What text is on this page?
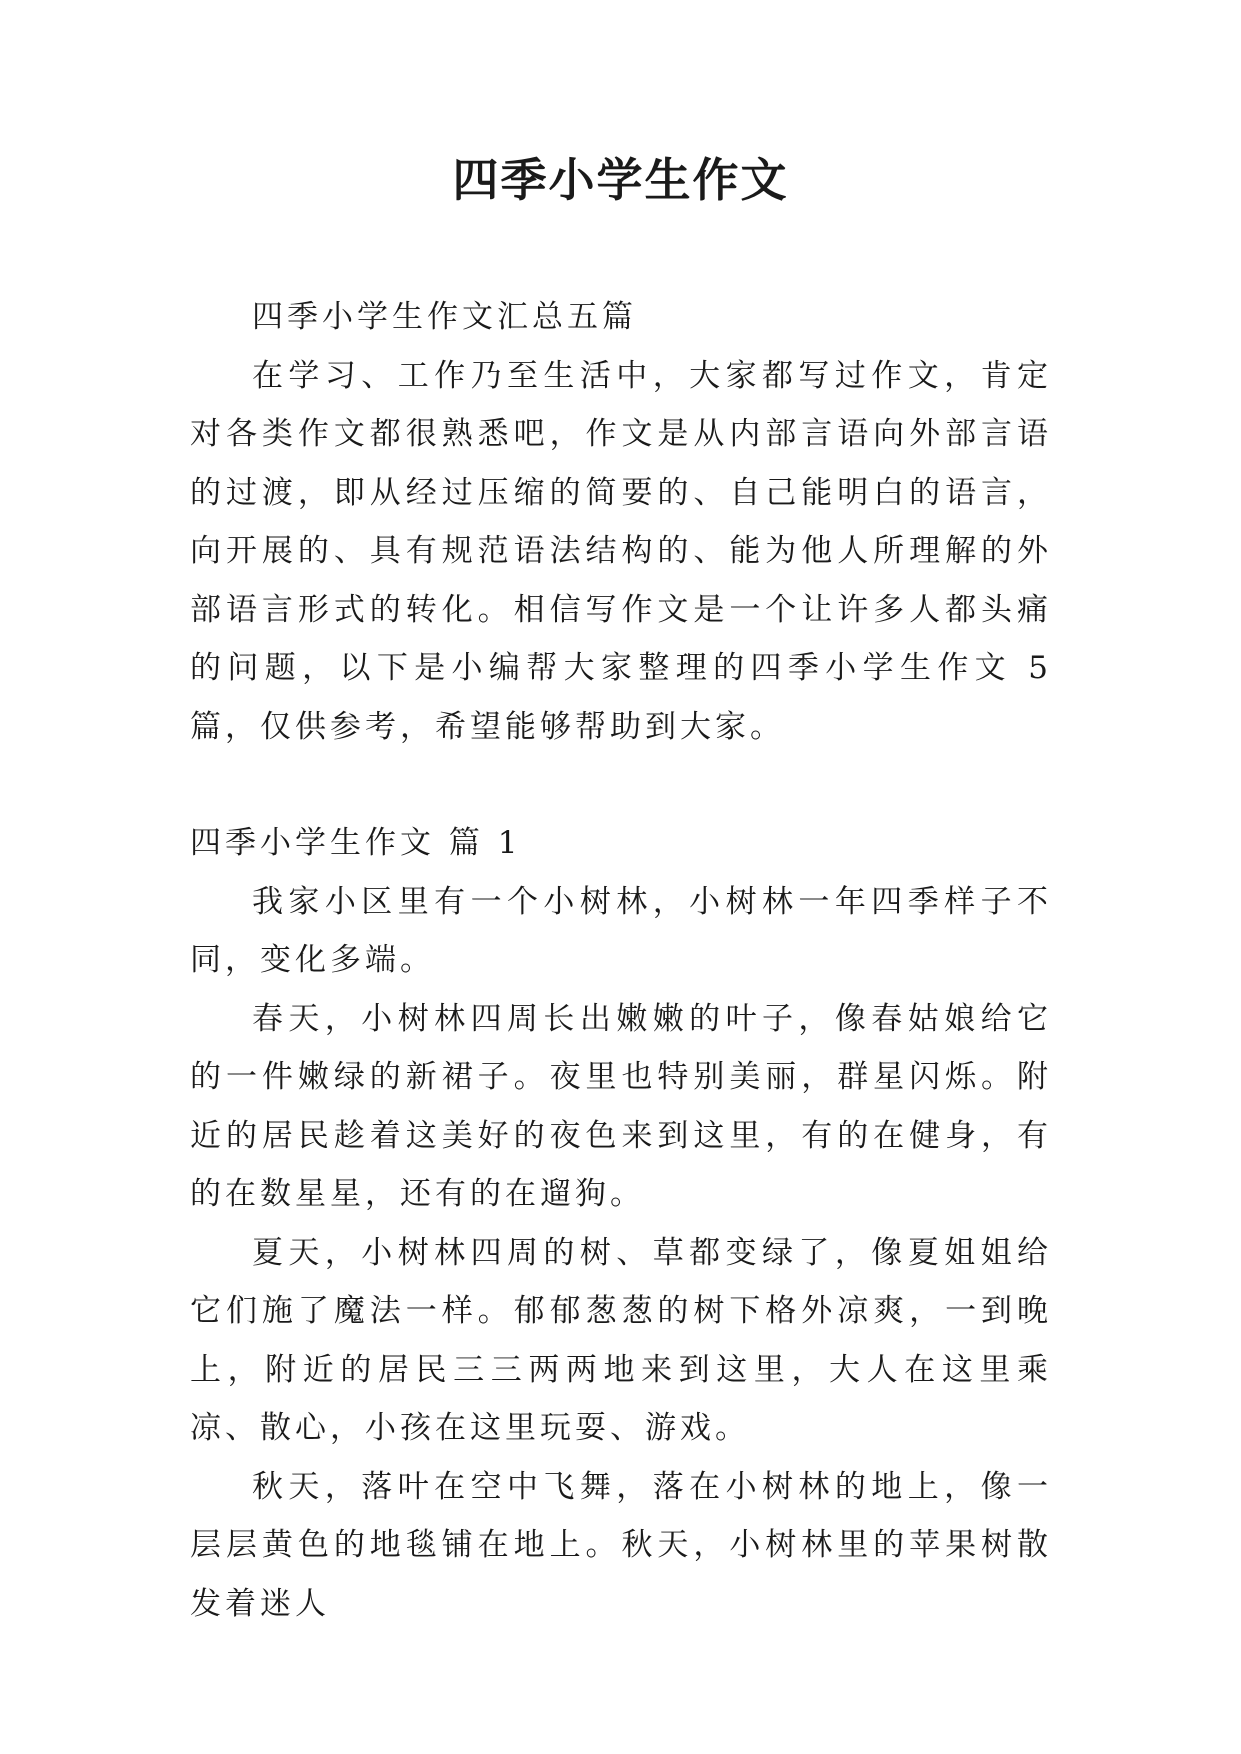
四季小学生作文

四季小学生作文汇总五篇

在学习、工作乃至生活中，大家都写过作文，肯定对各类作文都很熟悉吧，作文是从内部言语向外部言语的过渡，即从经过压缩的简要的、自己能明白的语言，向开展的、具有规范语法结构的、能为他人所理解的外部语言形式的转化。相信写作文是一个让许多人都头痛的问题，以下是小编帮大家整理的四季小学生作文 5 篇，仅供参考，希望能够帮助到大家。

四季小学生作文 篇 1

我家小区里有一个小树林，小树林一年四季样子不同，变化多端。

春天，小树林四周长出嫩嫩的叶子，像春姑娘给它的一件嫩绿的新裙子。夜里也特别美丽，群星闪烁。附近的居民趁着这美好的夜色来到这里，有的在健身，有的在数星星，还有的在遛狗。

夏天，小树林四周的树、草都变绿了，像夏姐姐给它们施了魔法一样。郁郁葱葱的树下格外凉爽，一到晚上，附近的居民三三两两地来到这里，大人在这里乘凉、散心，小孩在这里玩耍、游戏。

秋天，落叶在空中飞舞，落在小树林的地上，像一层层黄色的地毯铺在地上。秋天，小树林里的苹果树散发着迷人
